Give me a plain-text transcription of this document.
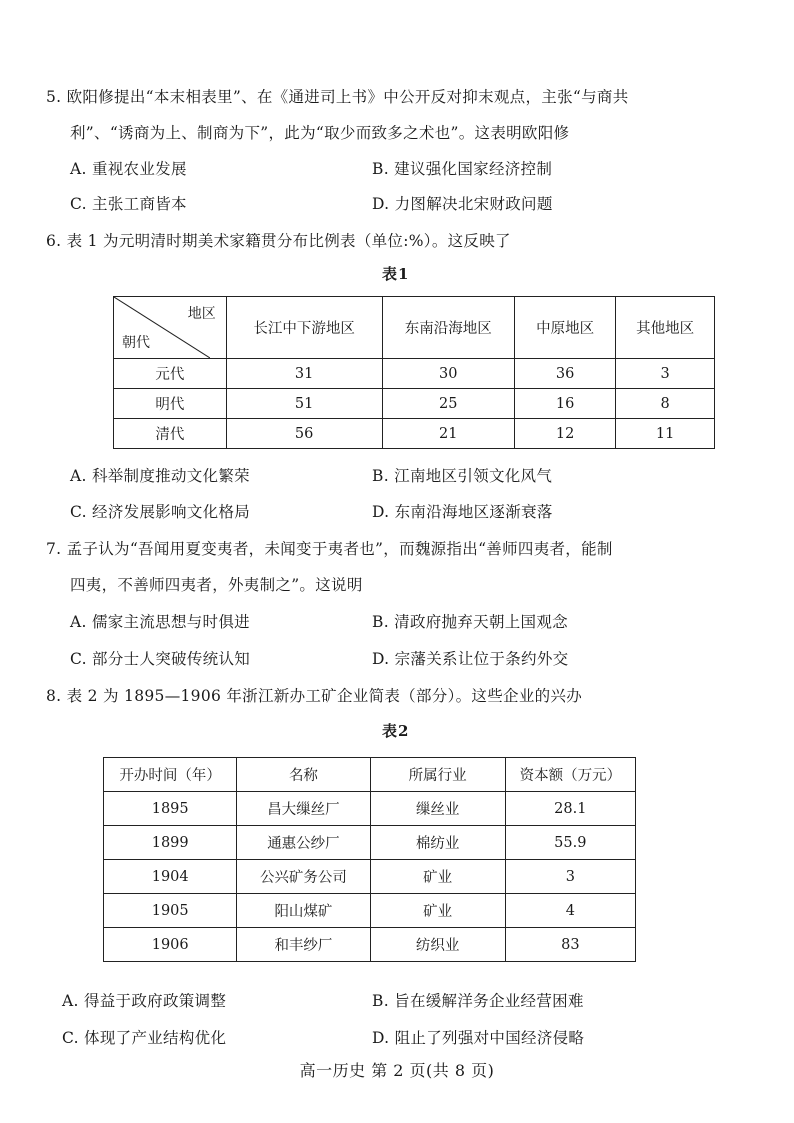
5. 欧阳修提出“本末相表里”、在《通进司上书》中公开反对抑末观点，主张“与商共
利”、“诱商为上、制商为下”，此为“取少而致多之术也”。这表明欧阳修
A. 重视农业发展	B. 建议强化国家经济控制
C. 主张工商皆本	D. 力图解决北宋财政问题
6. 表 1 为元明清时期美术家籍贯分布比例表（单位:%）。这反映了
表1
地区
朝代	长江中下游地区	东南沿海地区	中原地区	其他地区
元代	31	30	36	3
明代	51	25	16	8
清代	56	21	12	11
A. 科举制度推动文化繁荣	B. 江南地区引领文化风气
C. 经济发展影响文化格局	D. 东南沿海地区逐渐衰落
7. 孟子认为“吾闻用夏变夷者，未闻变于夷者也”，而魏源指出“善师四夷者，能制
四夷，不善师四夷者，外夷制之”。这说明
A. 儒家主流思想与时俱进	B. 清政府抛弃天朝上国观念
C. 部分士人突破传统认知	D. 宗藩关系让位于条约外交
8. 表 2 为 1895—1906 年浙江新办工矿企业简表（部分）。这些企业的兴办
表2
开办时间（年）	名称	所属行业	资本额（万元）
1895	昌大缫丝厂	缫丝业	28.1
1899	通惠公纱厂	棉纺业	55.9
1904	公兴矿务公司	矿业	3
1905	阳山煤矿	矿业	4
1906	和丰纱厂	纺织业	83
A. 得益于政府政策调整	B. 旨在缓解洋务企业经营困难
C. 体现了产业结构优化	D. 阻止了列强对中国经济侵略
高一历史 第 2 页(共 8 页)
